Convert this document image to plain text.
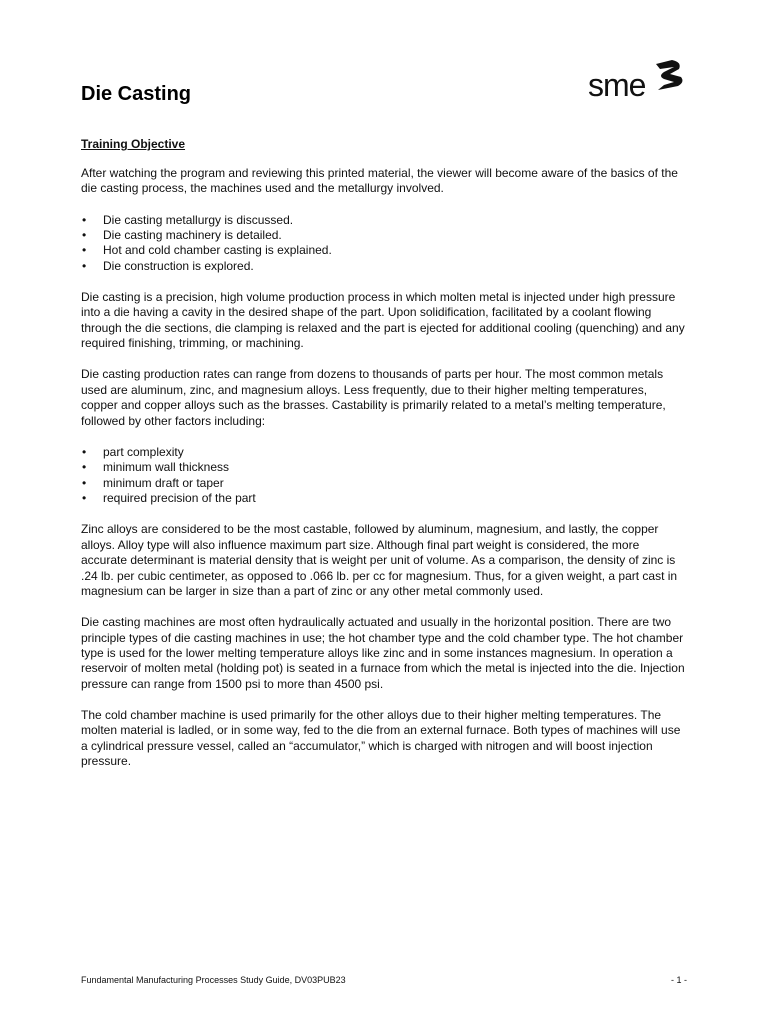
Die Casting	sme
Training Objective

After watching the program and reviewing this printed material, the viewer will become aware of the basics of the die casting process, the machines used and the metallurgy involved.

• Die casting metallurgy is discussed.
• Die casting machinery is detailed.
• Hot and cold chamber casting is explained.
• Die construction is explored.

Die casting is a precision, high volume production process in which molten metal is injected under high pressure into a die having a cavity in the desired shape of the part. Upon solidification, facilitated by a coolant flowing through the die sections, die clamping is relaxed and the part is ejected for additional cooling (quenching) and any required finishing, trimming, or machining.

Die casting production rates can range from dozens to thousands of parts per hour. The most common metals used are aluminum, zinc, and magnesium alloys. Less frequently, due to their higher melting temperatures, copper and copper alloys such as the brasses. Castability is primarily related to a metal’s melting temperature, followed by other factors including:

• part complexity
• minimum wall thickness
• minimum draft or taper
• required precision of the part

Zinc alloys are considered to be the most castable, followed by aluminum, magnesium, and lastly, the copper alloys. Alloy type will also influence maximum part size. Although final part weight is considered, the more accurate determinant is material density that is weight per unit of volume. As a comparison, the density of zinc is .24 lb. per cubic centimeter, as opposed to .066 lb. per cc for magnesium. Thus, for a given weight, a part cast in magnesium can be larger in size than a part of zinc or any other metal commonly used.

Die casting machines are most often hydraulically actuated and usually in the horizontal position. There are two principle types of die casting machines in use; the hot chamber type and the cold chamber type. The hot chamber type is used for the lower melting temperature alloys like zinc and in some instances magnesium. In operation a reservoir of molten metal (holding pot) is seated in a furnace from which the metal is injected into the die. Injection pressure can range from 1500 psi to more than 4500 psi.

The cold chamber machine is used primarily for the other alloys due to their higher melting temperatures. The molten material is ladled, or in some way, fed to the die from an external furnace. Both types of machines will use a cylindrical pressure vessel, called an “accumulator,” which is charged with nitrogen and will boost injection pressure.

Fundamental Manufacturing Processes Study Guide, DV03PUB23	- 1 -
